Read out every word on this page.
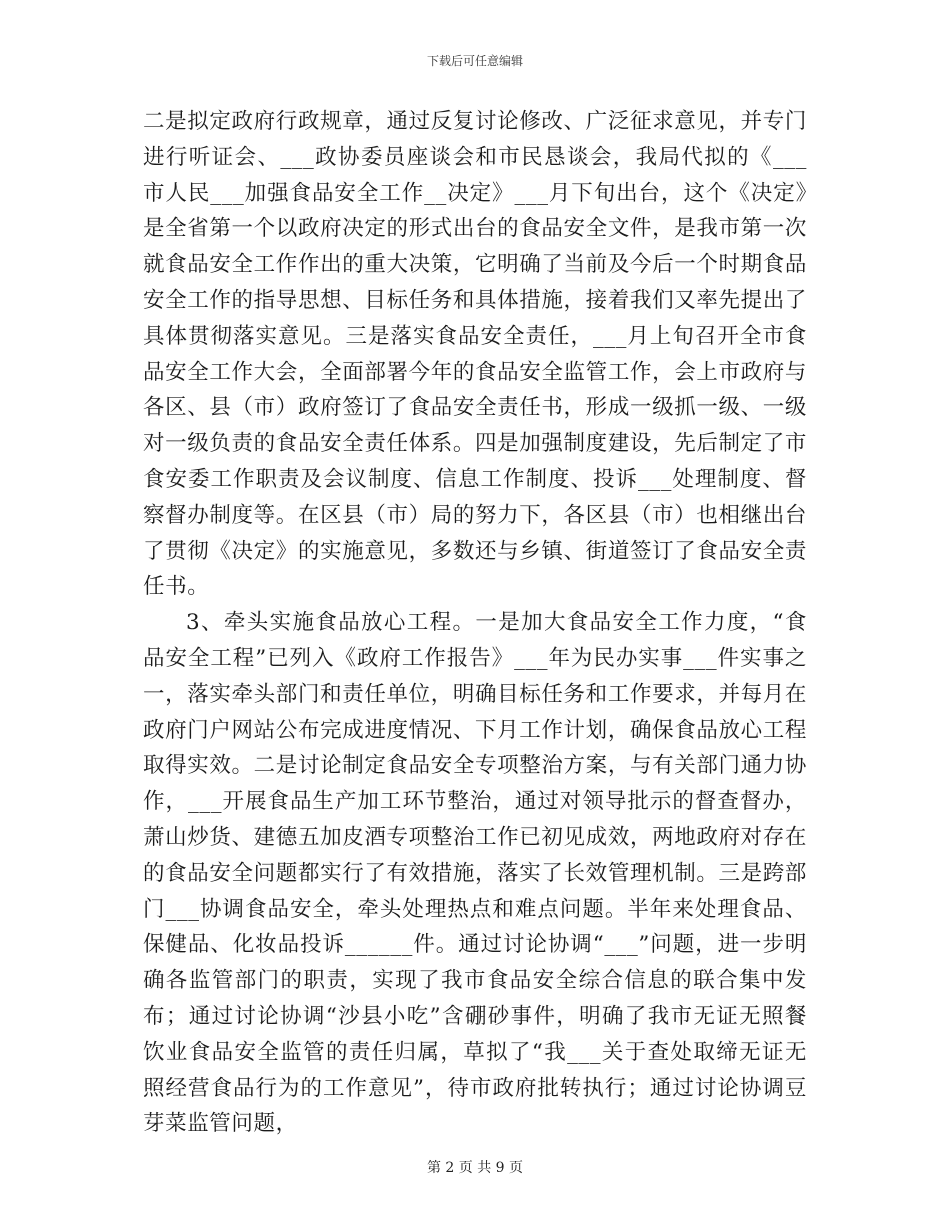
下载后可任意编辑

二是拟定政府行政规章，通过反复讨论修改、广泛征求意见，并专门进行听证会、___政协委员座谈会和市民恳谈会，我局代拟的《___市人民___加强食品安全工作__决定》___月下旬出台，这个《决定》是全省第一个以政府决定的形式出台的食品安全文件，是我市第一次就食品安全工作作出的重大决策，它明确了当前及今后一个时期食品安全工作的指导思想、目标任务和具体措施，接着我们又率先提出了具体贯彻落实意见。三是落实食品安全责任，___月上旬召开全市食品安全工作大会，全面部署今年的食品安全监管工作，会上市政府与各区、县（市）政府签订了食品安全责任书，形成一级抓一级、一级对一级负责的食品安全责任体系。四是加强制度建设，先后制定了市食安委工作职责及会议制度、信息工作制度、投诉___处理制度、督察督办制度等。在区县（市）局的努力下，各区县（市）也相继出台了贯彻《决定》的实施意见，多数还与乡镇、街道签订了食品安全责任书。

3、牵头实施食品放心工程。一是加大食品安全工作力度，“食品安全工程”已列入《政府工作报告》___年为民办实事___件实事之一，落实牵头部门和责任单位，明确目标任务和工作要求，并每月在政府门户网站公布完成进度情况、下月工作计划，确保食品放心工程取得实效。二是讨论制定食品安全专项整治方案，与有关部门通力协作，___开展食品生产加工环节整治，通过对领导批示的督查督办，萧山炒货、建德五加皮酒专项整治工作已初见成效，两地政府对存在的食品安全问题都实行了有效措施，落实了长效管理机制。三是跨部门___协调食品安全，牵头处理热点和难点问题。半年来处理食品、保健品、化妆品投诉______件。通过讨论协调“___”问题，进一步明确各监管部门的职责，实现了我市食品安全综合信息的联合集中发布；通过讨论协调“沙县小吃”含硼砂事件，明确了我市无证无照餐饮业食品安全监管的责任归属，草拟了“我___关于查处取缔无证无照经营食品行为的工作意见”，待市政府批转执行；通过讨论协调豆芽菜监管问题，

第 2 页 共 9 页
